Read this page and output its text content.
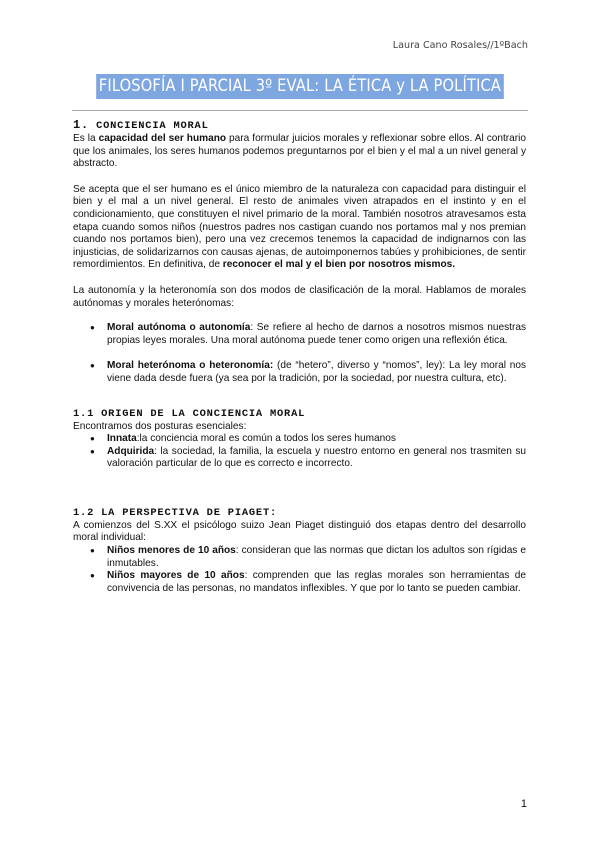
Laura Cano Rosales//1ºBach
FILOSOFÍA I PARCIAL 3º EVAL: LA ÉTICA y LA POLÍTICA
1. CONCIENCIA MORAL

Es la capacidad del ser humano para formular juicios morales y reflexionar sobre ellos. Al contrario que los animales, los seres humanos podemos preguntarnos por el bien y el mal a un nivel general y abstracto.

Se acepta que el ser humano es el único miembro de la naturaleza con capacidad para distinguir el bien y el mal a un nivel general. El resto de animales viven atrapados en el instinto y en el condicionamiento, que constituyen el nivel primario de la moral. También nosotros atravesamos esta etapa cuando somos niños (nuestros padres nos castigan cuando nos portamos mal y nos premian cuando nos portamos bien), pero una vez crecemos tenemos la capacidad de indignarnos con las injusticias, de solidarizarnos con causas ajenas, de autoimponernos tabúes y prohibiciones, de sentir remordimientos. En definitiva, de reconocer el mal y el bien por nosotros mismos.

La autonomía y la heteronomía son dos modos de clasificación de la moral. Hablamos de morales autónomas y morales heterónomas:

● Moral autónoma o autonomía: Se refiere al hecho de darnos a nosotros mismos nuestras propias leyes morales. Una moral autónoma puede tener como origen una reflexión ética.
● Moral heterónoma o heteronomía: (de “hetero”, diverso y “nomos”, ley): La ley moral nos viene dada desde fuera (ya sea por la tradición, por la sociedad, por nuestra cultura, etc).
1.1 ORIGEN DE LA CONCIENCIA MORAL

Encontramos dos posturas esenciales:

● Innata:la conciencia moral es común a todos los seres humanos
● Adquirida: la sociedad, la familia, la escuela y nuestro entorno en general nos trasmiten su valoración particular de lo que es correcto e incorrecto.
1.2 LA PERSPECTIVA DE PIAGET:

A comienzos del S.XX el psicólogo suizo Jean Piaget distinguió dos etapas dentro del desarrollo moral individual:

● Niños menores de 10 años: consideran que las normas que dictan los adultos son rígidas e inmutables.
● Niños mayores de 10 años: comprenden que las reglas morales son herramientas de convivencia de las personas, no mandatos inflexibles. Y que por lo tanto se pueden cambiar.
1
